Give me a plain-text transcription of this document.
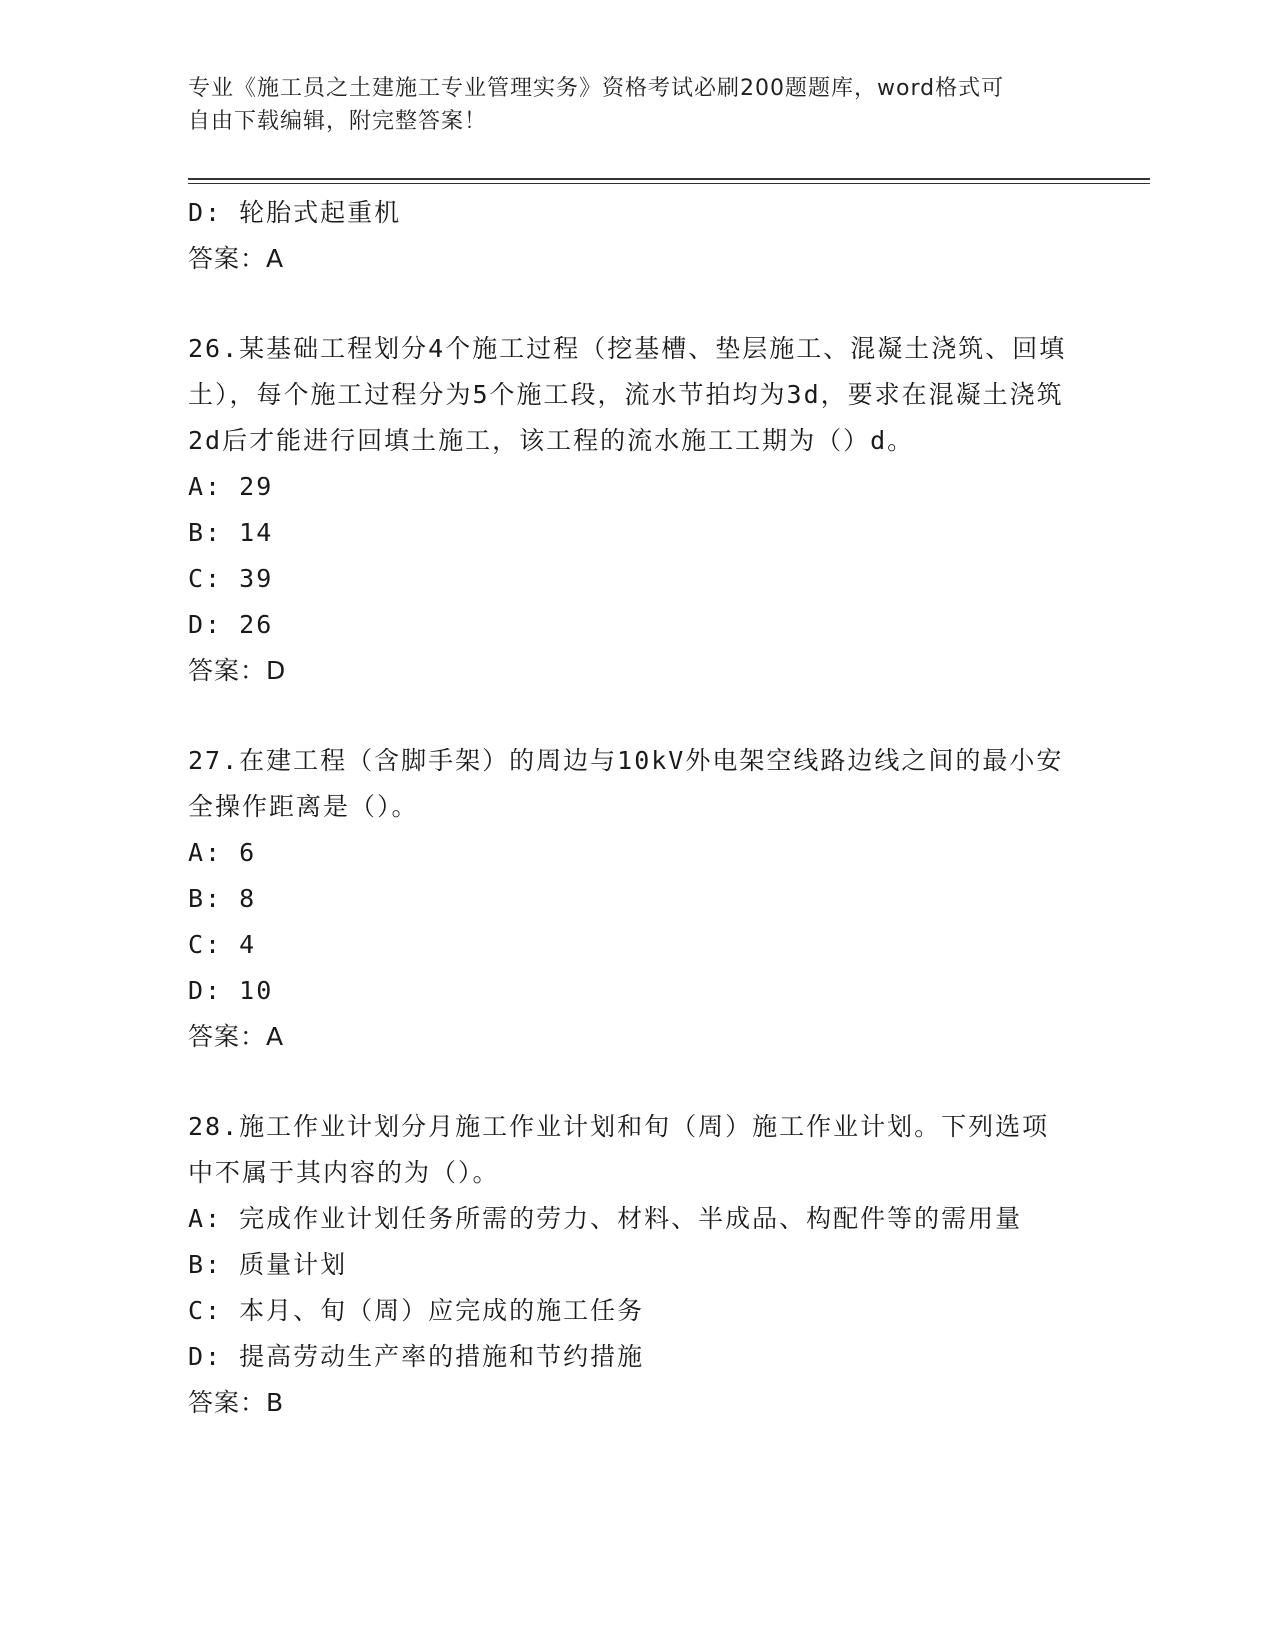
专业《施工员之土建施工专业管理实务》资格考试必刷200题题库，word格式可
自由下载编辑，附完整答案！
D: 轮胎式起重机
答案：A
26.某基础工程划分4个施工过程（挖基槽、垫层施工、混凝土浇筑、回填土），每个施工过程分为5个施工段，流水节拍均为3d，要求在混凝土浇筑2d后才能进行回填土施工，该工程的流水施工工期为（）d。
A: 29
B: 14
C: 39
D: 26
答案：D
27.在建工程（含脚手架）的周边与10kV外电架空线路边线之间的最小安全操作距离是（）。
A: 6
B: 8
C: 4
D: 10
答案：A
28.施工作业计划分月施工作业计划和旬（周）施工作业计划。下列选项中不属于其内容的为（）。
A: 完成作业计划任务所需的劳力、材料、半成品、构配件等的需用量
B: 质量计划
C: 本月、旬（周）应完成的施工任务
D: 提高劳动生产率的措施和节约措施
答案：B
